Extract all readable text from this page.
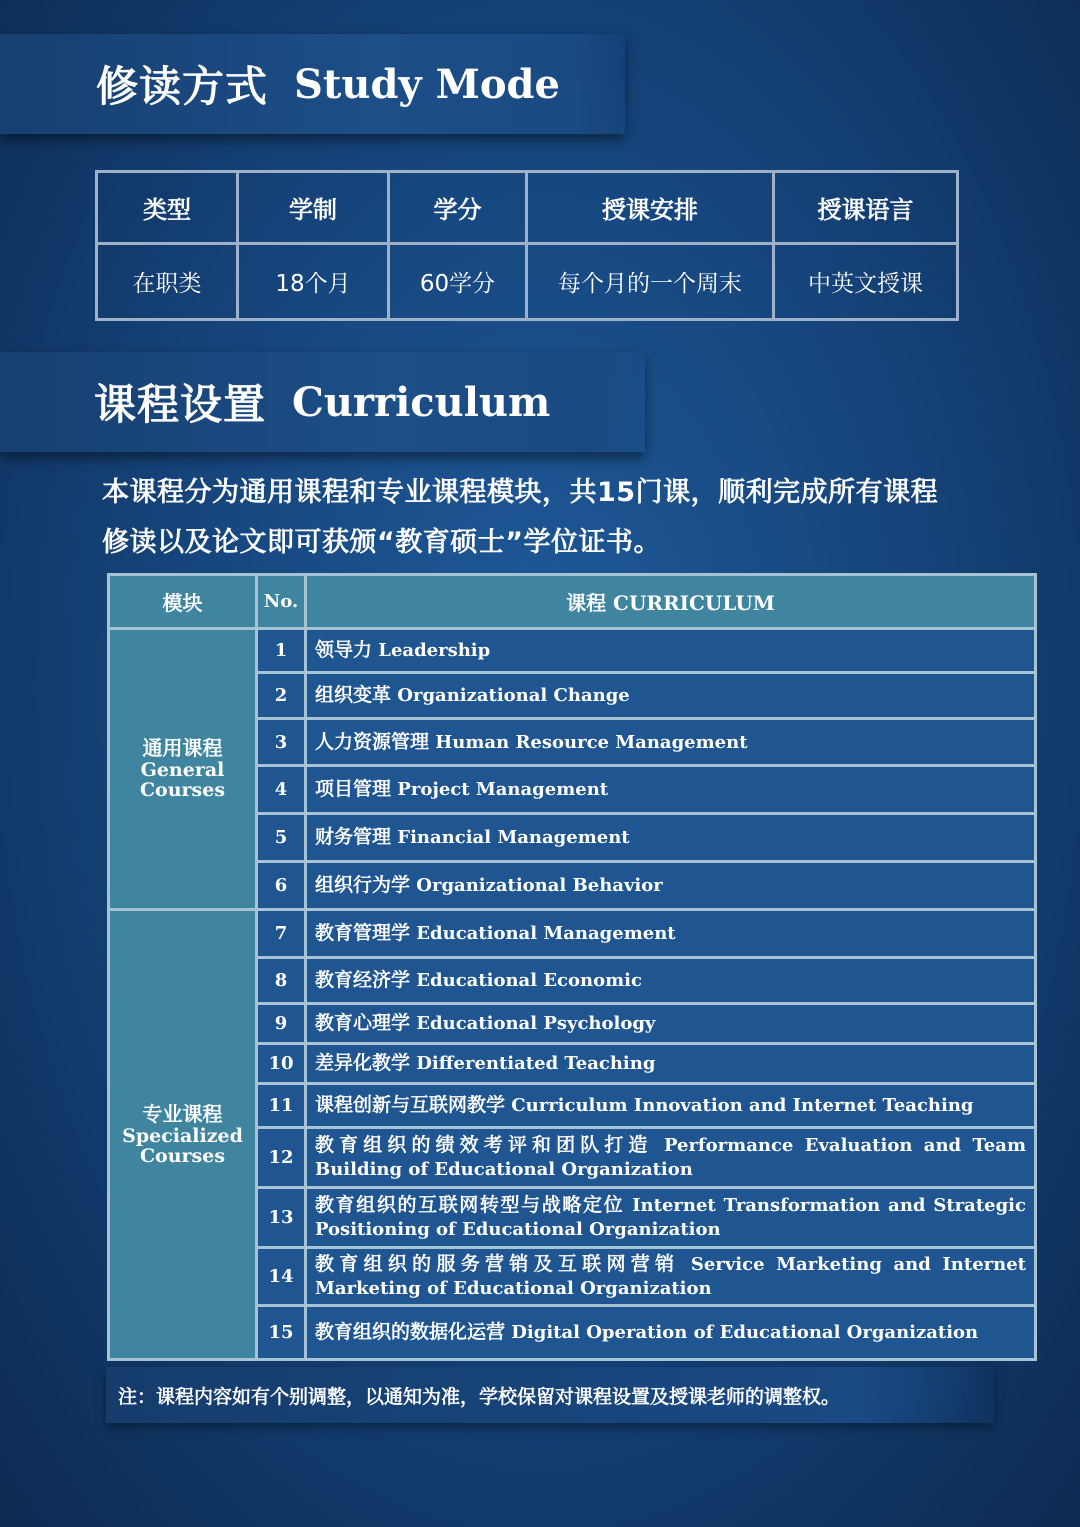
修读方式 Study Mode
类型	学制	学分	授课安排	授课语言
在职类	18个月	60学分	每个月的一个周末	中英文授课
课程设置 Curriculum
本课程分为通用课程和专业课程模块，共15门课，顺利完成所有课程
修读以及论文即可获颁“教育硕士”学位证书。
模块	No.	课程 CURRICULUM

通用课程
General Courses	1	领导力 Leadership
	2	组织变革 Organizational Change
	3	人力资源管理 Human Resource Management
	4	项目管理 Project Management
	5	财务管理 Financial Management
	6	组织行为学 Organizational Behavior

专业课程
Specialized Courses	7	教育管理学 Educational Management
	8	教育经济学 Educational Economic
	9	教育心理学 Educational Psychology
	10	差异化教学 Differentiated Teaching
	11	课程创新与互联网教学 Curriculum Innovation and Internet Teaching
	12	教育组织的绩效考评和团队打造 Performance Evaluation and Team Building of Educational Organization
	13	教育组织的互联网转型与战略定位 Internet Transformation and Strategic Positioning of Educational Organization
	14	教育组织的服务营销及互联网营销 Service Marketing and Internet Marketing of Educational Organization
	15	教育组织的数据化运营 Digital Operation of Educational Organization
注：课程内容如有个别调整，以通知为准，学校保留对课程设置及授课老师的调整权。
